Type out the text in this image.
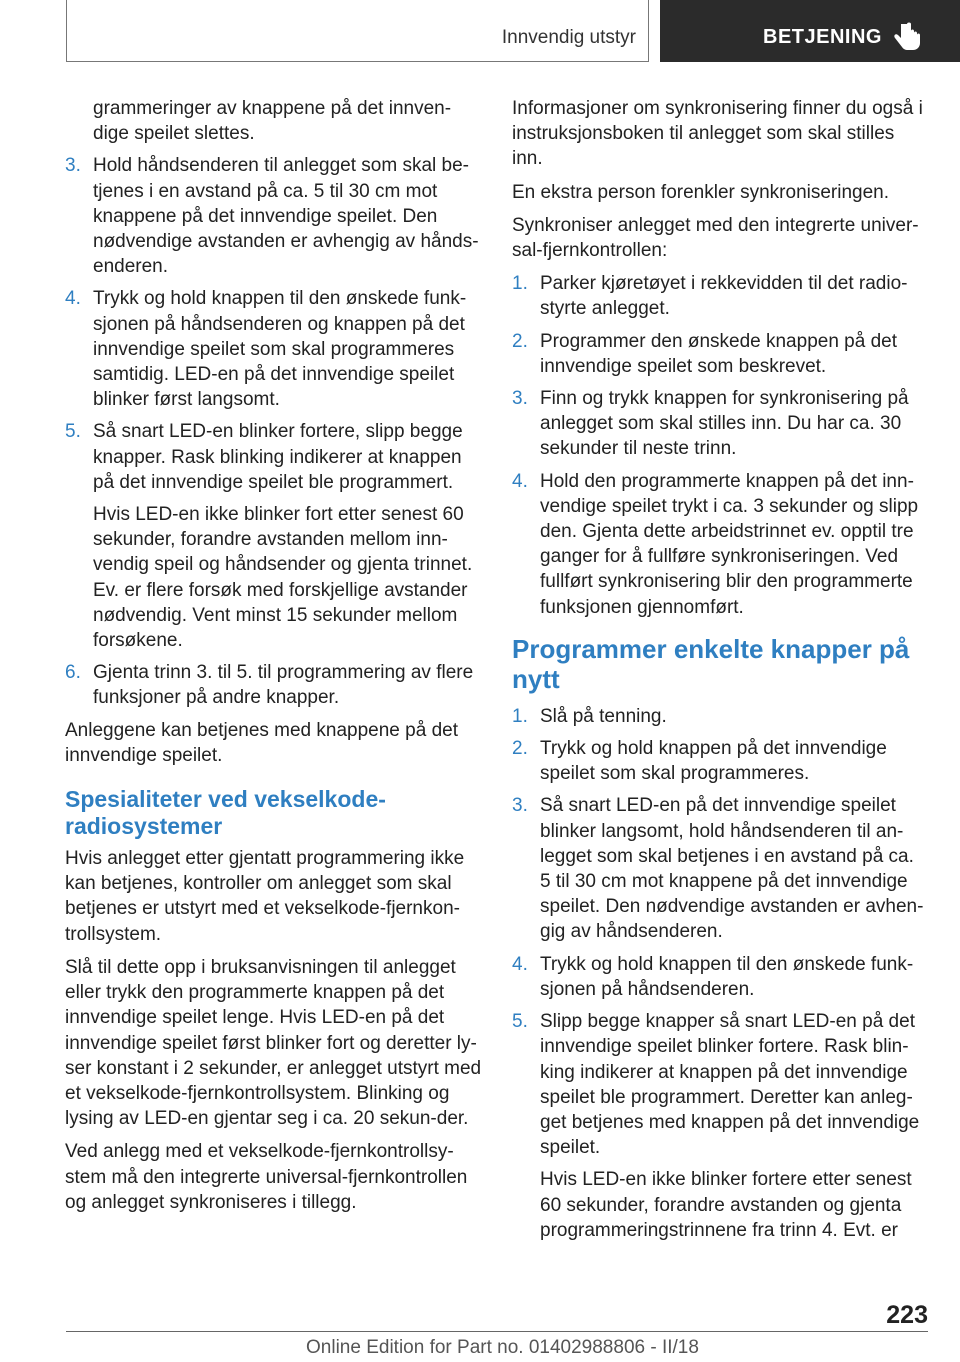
Innvendig utstyr	BETJENING
grammeringer av knappene på det innven-dige speilet slettes.
3. Hold håndsenderen til anlegget som skal be-tjenes i en avstand på ca. 5 til 30 cm mot knappene på det innvendige speilet. Den nødvendige avstanden er avhengig av hånds-enderen.
4. Trykk og hold knappen til den ønskede funk-sjonen på håndsenderen og knappen på det innvendige speilet som skal programmeres samtidig. LED-en på det innvendige speilet blinker først langsomt.
5. Så snart LED-en blinker fortere, slipp begge knapper. Rask blinking indikerer at knappen på det innvendige speilet ble programmert.
Hvis LED-en ikke blinker fort etter senest 60 sekunder, forandre avstanden mellom inn-vendig speil og håndsender og gjenta trinnet. Ev. er flere forsøk med forskjellige avstander nødvendig. Vent minst 15 sekunder mellom forsøkene.
6. Gjenta trinn 3. til 5. til programmering av flere funksjoner på andre knapper.

Anleggene kan betjenes med knappene på det innvendige speilet.

Spesialiteter ved vekselkode-radiosystemer

Hvis anlegget etter gjentatt programmering ikke kan betjenes, kontroller om anlegget som skal betjenes er utstyrt med et vekselkode-fjernkon-trollsystem.

Slå til dette opp i bruksanvisningen til anlegget eller trykk den programmerte knappen på det innvendige speilet lenge. Hvis LED-en på det innvendige speilet først blinker fort og deretter ly-ser konstant i 2 sekunder, er anlegget utstyrt med et vekselkode-fjernkontrollsystem. Blinking og lysing av LED-en gjentar seg i ca. 20 sekun-der.

Ved anlegg med et vekselkode-fjernkontrollsy-stem må den integrerte universal-fjernkontrollen og anlegget synkroniseres i tillegg.

Informasjoner om synkronisering finner du også i instruksjonsboken til anlegget som skal stilles inn.

En ekstra person forenkler synkroniseringen.

Synkroniser anlegget med den integrerte univer-sal-fjernkontrollen:

1. Parker kjøretøyet i rekkevidden til det radio-styrte anlegget.
2. Programmer den ønskede knappen på det innvendige speilet som beskrevet.
3. Finn og trykk knappen for synkronisering på anlegget som skal stilles inn. Du har ca. 30 sekunder til neste trinn.
4. Hold den programmerte knappen på det inn-vendige speilet trykt i ca. 3 sekunder og slipp den. Gjenta dette arbeidstrinnet ev. opptil tre ganger for å fullføre synkroniseringen. Ved fullført synkronisering blir den programmerte funksjonen gjennomført.
Programmer enkelte knapper på nytt
1. Slå på tenning.
2. Trykk og hold knappen på det innvendige speilet som skal programmeres.
3. Så snart LED-en på det innvendige speilet blinker langsomt, hold håndsenderen til an-legget som skal betjenes i en avstand på ca. 5 til 30 cm mot knappene på det innvendige speilet. Den nødvendige avstanden er avhen-gig av håndsenderen.
4. Trykk og hold knappen til den ønskede funk-sjonen på håndsenderen.
5. Slipp begge knapper så snart LED-en på det innvendige speilet blinker fortere. Rask blin-king indikerer at knappen på det innvendige speilet ble programmert. Deretter kan anleg-get betjenes med knappen på det innvendige speilet.
Hvis LED-en ikke blinker fortere etter senest 60 sekunder, forandre avstanden og gjenta programmeringstrinnene fra trinn 4. Evt. er
223
Online Edition for Part no. 01402988806 - II/18
